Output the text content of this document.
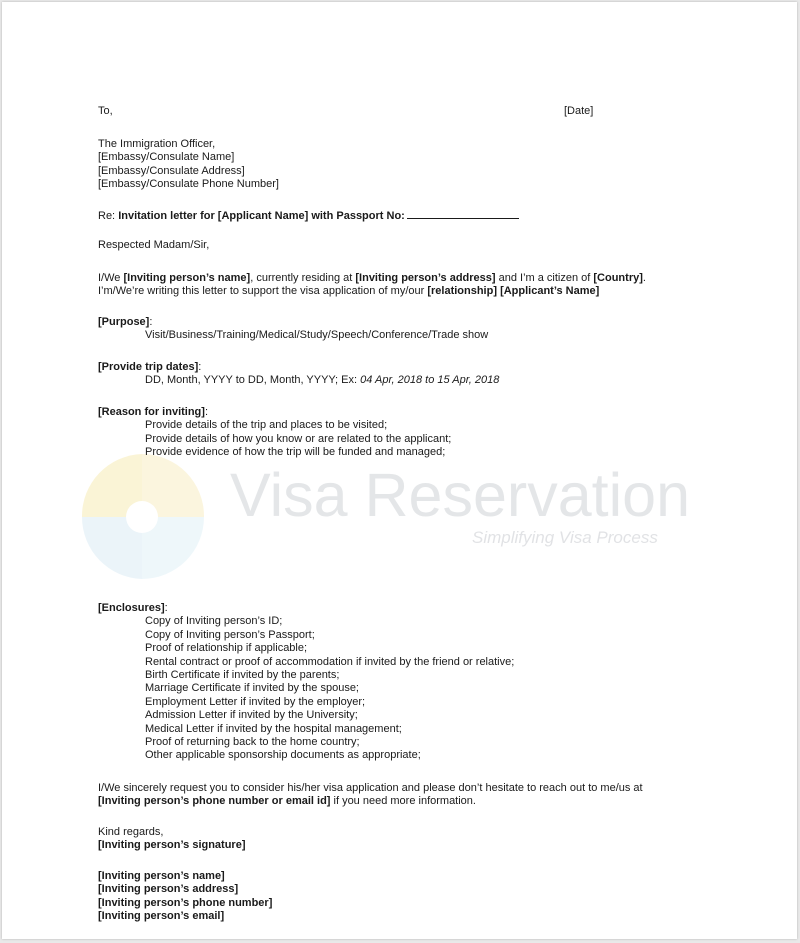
Visa Reservation
Simplifying Visa Process
To,	[Date]
The Immigration Officer,
[Embassy/Consulate Name]
[Embassy/Consulate Address]
[Embassy/Consulate Phone Number]
Re: Invitation letter for [Applicant Name] with Passport No:
Respected Madam/Sir,
I/We [Inviting person’s name], currently residing at [Inviting person’s address] and I’m a citizen of [Country].
I’m/We’re writing this letter to support the visa application of my/our [relationship] [Applicant’s Name]
[Purpose]:
Visit/Business/Training/Medical/Study/Speech/Conference/Trade show
[Provide trip dates]:
DD, Month, YYYY to DD, Month, YYYY; Ex: 04 Apr, 2018 to 15 Apr, 2018
[Reason for inviting]:
Provide details of the trip and places to be visited;
Provide details of how you know or are related to the applicant;
Provide evidence of how the trip will be funded and managed;
[Enclosures]:
Copy of Inviting person’s ID;
Copy of Inviting person’s Passport;
Proof of relationship if applicable;
Rental contract or proof of accommodation if invited by the friend or relative;
Birth Certificate if invited by the parents;
Marriage Certificate if invited by the spouse;
Employment Letter if invited by the employer;
Admission Letter if invited by the University;
Medical Letter if invited by the hospital management;
Proof of returning back to the home country;
Other applicable sponsorship documents as appropriate;
I/We sincerely request you to consider his/her visa application and please don’t hesitate to reach out to me/us at
[Inviting person’s phone number or email id] if you need more information.
Kind regards,
[Inviting person’s signature]
[Inviting person’s name]
[Inviting person’s address]
[Inviting person’s phone number]
[Inviting person’s email]
